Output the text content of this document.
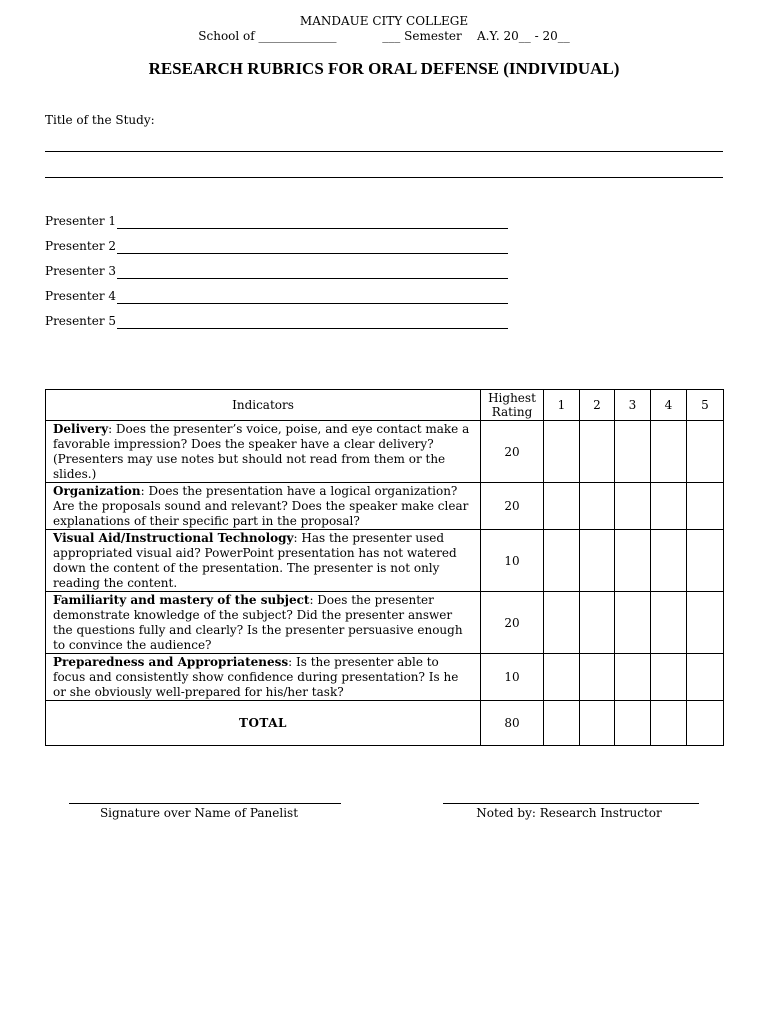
MANDAUE CITY COLLEGE
School of _____________            ___ Semester    A.Y. 20__ - 20__
RESEARCH RUBRICS FOR ORAL DEFENSE (INDIVIDUAL)
Title of the Study:
Presenter 1
Presenter 2
Presenter 3
Presenter 4
Presenter 5
Indicators	Highest Rating	1	2	3	4	5
Delivery: Does the presenter’s voice, poise, and eye contact make a favorable impression? Does the speaker have a clear delivery? (Presenters may use notes but should not read from them or the slides.)	20					
Organization: Does the presentation have a logical organization? Are the proposals sound and relevant? Does the speaker make clear explanations of their specific part in the proposal?	20					
Visual Aid/Instructional Technology: Has the presenter used appropriated visual aid? PowerPoint presentation has not watered down the content of the presentation. The presenter is not only reading the content.	10					
Familiarity and mastery of the subject: Does the presenter demonstrate knowledge of the subject? Did the presenter answer the questions fully and clearly? Is the presenter persuasive enough to convince the audience?	20					
Preparedness and Appropriateness: Is the presenter able to focus and consistently show confidence during presentation? Is he or she obviously well-prepared for his/her task?	10					
TOTAL	80					
Signature over Name of Panelist	Noted by: Research Instructor
